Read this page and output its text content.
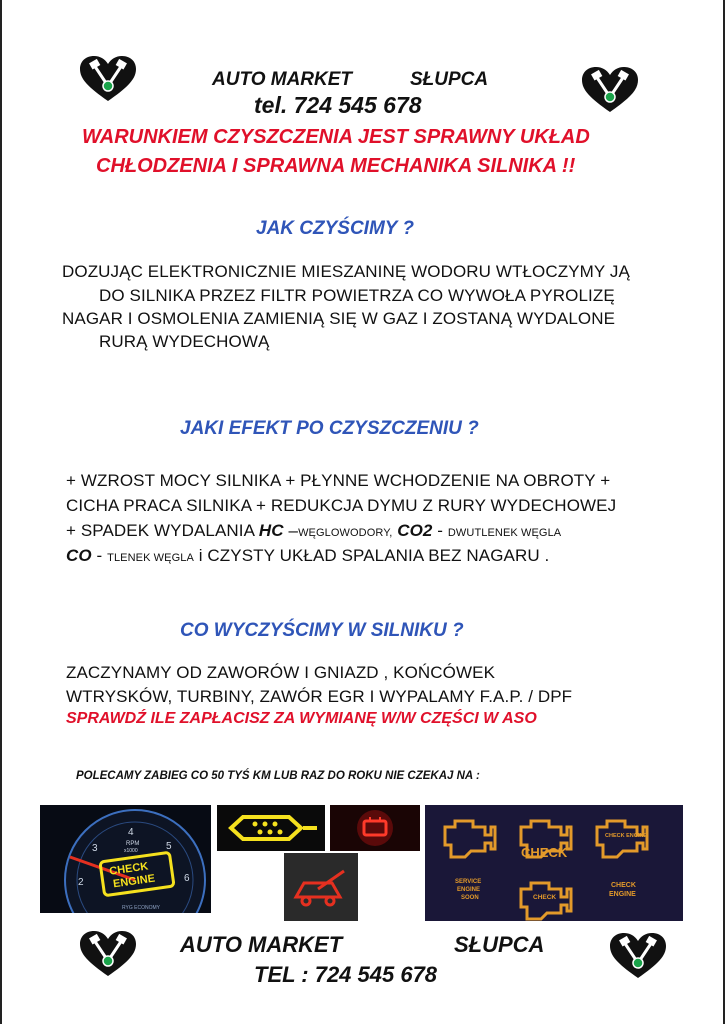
AUTO MARKET	SŁUPCA
tel. 724 545 678
WARUNKIEM CZYSZCZENIA JEST SPRAWNY UKŁAD
CHŁODZENIA I SPRAWNA MECHANIKA SILNIKA !!
JAK CZYŚCIMY ?
DOZUJĄC ELEKTRONICZNIE MIESZANINĘ WODORU WTŁOCZYMY JĄ
DO SILNIKA PRZEZ FILTR POWIETRZA CO WYWOŁA PYROLIZĘ
NAGAR I OSMOLENIA ZAMIENIĄ SIĘ W GAZ I ZOSTANĄ WYDALONE
RURĄ WYDECHOWĄ
JAKI EFEKT PO CZYSZCZENIU ?
+ WZROST MOCY SILNIKA + PŁYNNE WCHODZENIE NA OBROTY +
CICHA PRACA SILNIKA + REDUKCJA DYMU Z RURY WYDECHOWEJ
+ SPADEK WYDALANIA HC –WĘGLOWODORY, CO2 - DWUTLENEK WĘGLA
CO - TLENEK WĘGLA i CZYSTY UKŁAD SPALANIA BEZ NAGARU .
CO WYCZYŚCIMY W SILNIKU ?
ZACZYNAMY OD ZAWORÓW I GNIAZD , KOŃCÓWEK
WTRYSKÓW, TURBINY, ZAWÓR EGR I WYPALAMY F.A.P. / DPF
SPRAWDŹ ILE ZAPŁACISZ ZA WYMIANĘ W/W CZĘŚCI W ASO
POLECAMY ZABIEG CO 50 TYŚ KM LUB RAZ DO ROKU NIE CZEKAJ NA :
2
3
4
5
6
RPM
x1000
CHECK
ENGINE
RYG ECONOMY
CHECK
CHECK ENGINE
SERVICE
ENGINE
SOON	CHECK
CHECK
ENGINE
AUTO MARKET	SŁUPCA
TEL : 724 545 678
